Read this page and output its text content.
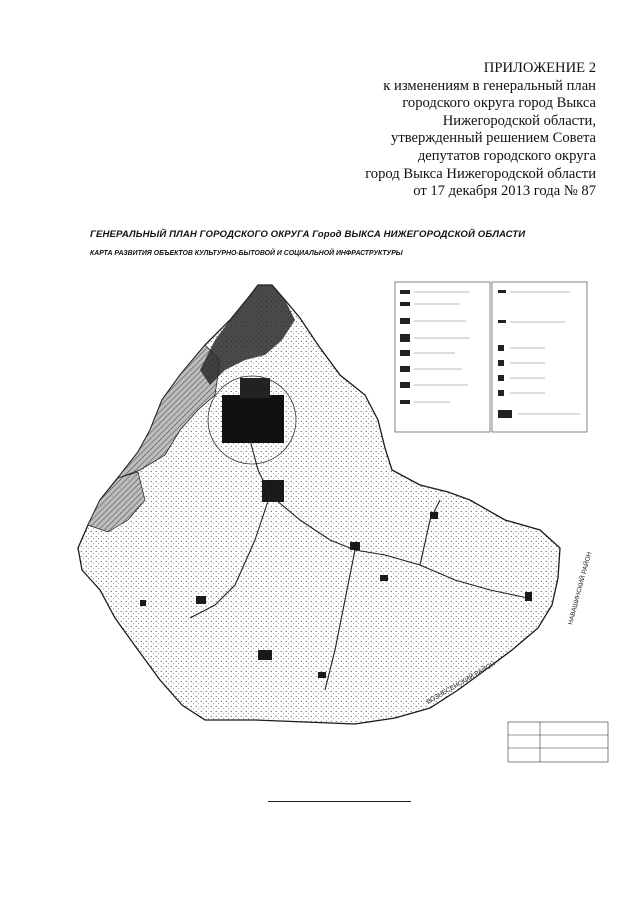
ПРИЛОЖЕНИЕ 2
к изменениям в генеральный план
городского округа город Выкса
Нижегородской области,
утвержденный решением Совета
депутатов городского округа
город Выкса Нижегородской области
от 17 декабря 2013 года № 87
ГЕНЕРАЛЬНЫЙ ПЛАН ГОРОДСКОГО ОКРУГА Город ВЫКСА НИЖЕГОРОДСКОЙ ОБЛАСТИ
КАРТА РАЗВИТИЯ ОБЪЕКТОВ КУЛЬТУРНО-БЫТОВОЙ И СОЦИАЛЬНОЙ ИНФРАСТРУКТУРЫ
ВОЗНЕСЕНСКИЙ РАЙОН
НАВАШИНСКИЙ РАЙОН
